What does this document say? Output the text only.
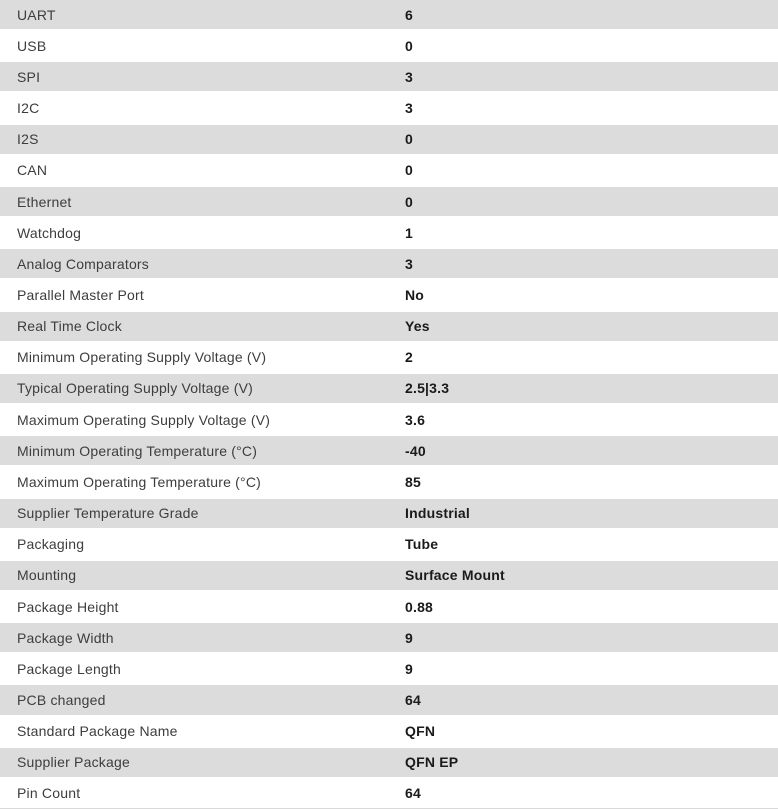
UART	6
USB	0
SPI	3
I2C	3
I2S	0
CAN	0
Ethernet	0
Watchdog	1
Analog Comparators	3
Parallel Master Port	No
Real Time Clock	Yes
Minimum Operating Supply Voltage (V)	2
Typical Operating Supply Voltage (V)	2.5|3.3
Maximum Operating Supply Voltage (V)	3.6
Minimum Operating Temperature (°C)	-40
Maximum Operating Temperature (°C)	85
Supplier Temperature Grade	Industrial
Packaging	Tube
Mounting	Surface Mount
Package Height	0.88
Package Width	9
Package Length	9
PCB changed	64
Standard Package Name	QFN
Supplier Package	QFN EP
Pin Count	64
